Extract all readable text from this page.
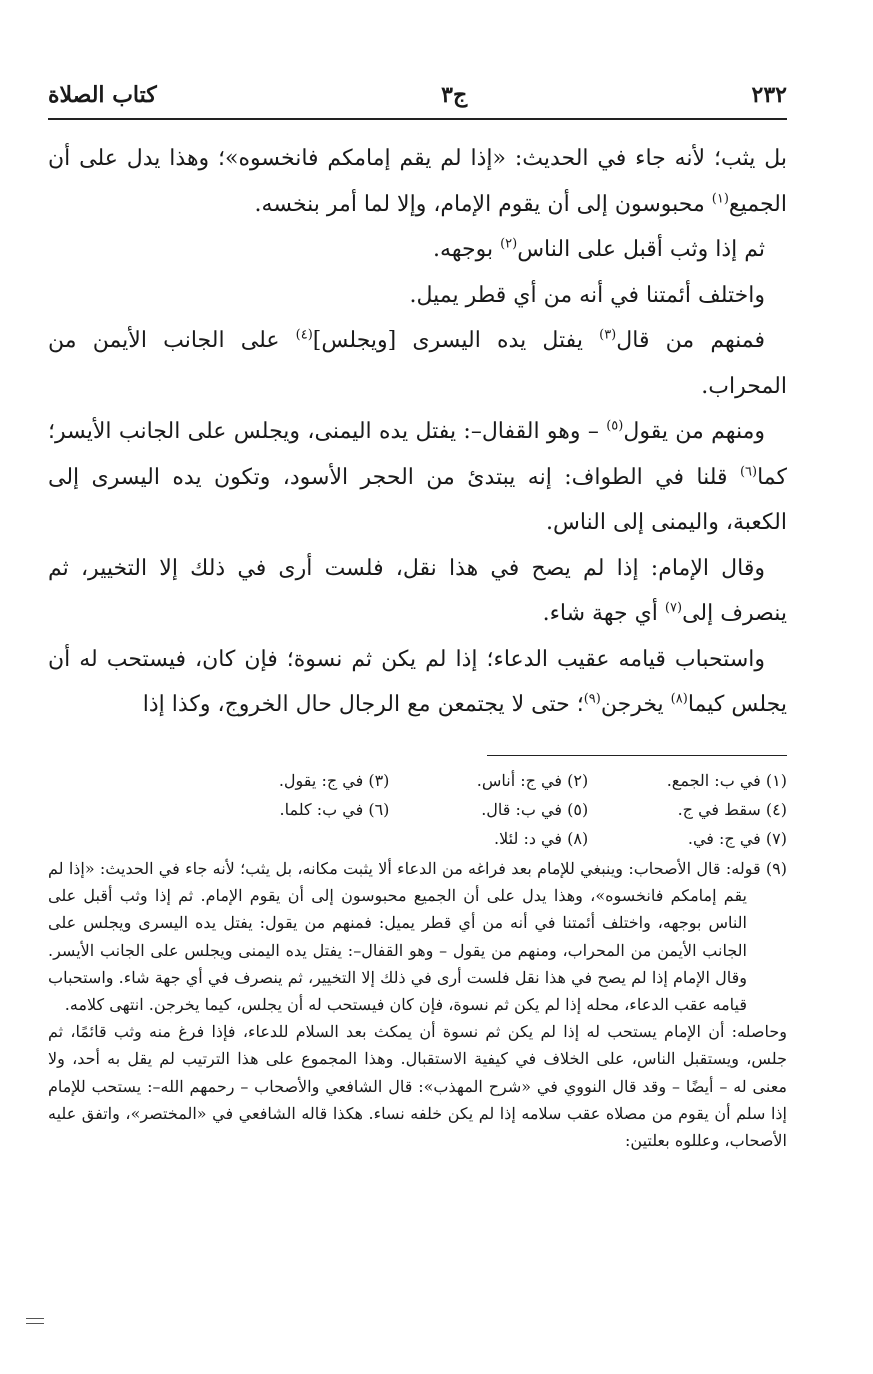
٢٣٢
ج٣
كتاب الصلاة

بل يثب؛ لأنه جاء في الحديث: «إذا لم يقم إمامكم فانخسوه»؛ وهذا يدل على أن الجميع$^{(١)}$ محبوسون إلى أن يقوم الإمام، وإلا لما أمر بنخسه.

ثم إذا وثب أقبل على الناس$^{(٢)}$ بوجهه.

واختلف أئمتنا في أنه من أي قطر يميل.

فمنهم من قال$^{(٣)}$ يفتل يده اليسرى [ويجلس]$^{(٤)}$ على الجانب الأيمن من المحراب.

ومنهم من يقول$^{(٥)}$ – وهو القفال–: يفتل يده اليمنى، ويجلس على الجانب الأيسر؛ كما$^{(٦)}$ قلنا في الطواف: إنه يبتدئ من الحجر الأسود، وتكون يده اليسرى إلى الكعبة، واليمنى إلى الناس.

وقال الإمام: إذا لم يصح في هذا نقل، فلست أرى في ذلك إلا التخيير، ثم ينصرف إلى$^{(٧)}$ أي جهة شاء.

واستحباب قيامه عقيب الدعاء؛ إذا لم يكن ثم نسوة؛ فإن كان، فيستحب له أن يجلس كيما$^{(٨)}$ يخرجن$^{(٩)}$؛ حتى لا يجتمعن مع الرجال حال الخروج، وكذا إذا

(١) في ب: الجمع.
(٢) في ج: أناس.
(٣) في ج: يقول.
(٤) سقط في ج.
(٥) في ب: قال.
(٦) في ب: كلما.
(٧) في ج: في.
(٨) في د: لئلا.

(٩) قوله: قال الأصحاب: وينبغي للإمام بعد فراغه من الدعاء ألا يثبت مكانه، بل يثب؛ لأنه جاء في الحديث: «إذا لم يقم إمامكم فانخسوه»، وهذا يدل على أن الجميع محبوسون إلى أن يقوم الإمام. ثم إذا وثب أقبل على الناس بوجهه، واختلف أئمتنا في أنه من أي قطر يميل: فمنهم من يقول: يفتل يده اليسرى ويجلس على الجانب الأيمن من المحراب، ومنهم من يقول – وهو القفال–: يفتل يده اليمنى ويجلس على الجانب الأيسر. وقال الإمام إذا لم يصح في هذا نقل فلست أرى في ذلك إلا التخيير، ثم ينصرف في أي جهة شاء. واستحباب قيامه عقب الدعاء، محله إذا لم يكن ثم نسوة، فإن كان فيستحب له أن يجلس، كيما يخرجن. انتهى كلامه.

وحاصله: أن الإمام يستحب له إذا لم يكن ثم نسوة أن يمكث بعد السلام للدعاء، فإذا فرغ منه وثب قائمًا، ثم جلس، ويستقبل الناس، على الخلاف في كيفية الاستقبال. وهذا المجموع على هذا الترتيب لم يقل به أحد، ولا معنى له – أيضًا – وقد قال النووي في «شرح المهذب»: قال الشافعي والأصحاب – رحمهم الله–: يستحب للإمام إذا سلم أن يقوم من مصلاه عقب سلامه إذا لم يكن خلفه نساء. هكذا قاله الشافعي في «المختصر»، واتفق عليه الأصحاب، وعللوه بعلتين:
